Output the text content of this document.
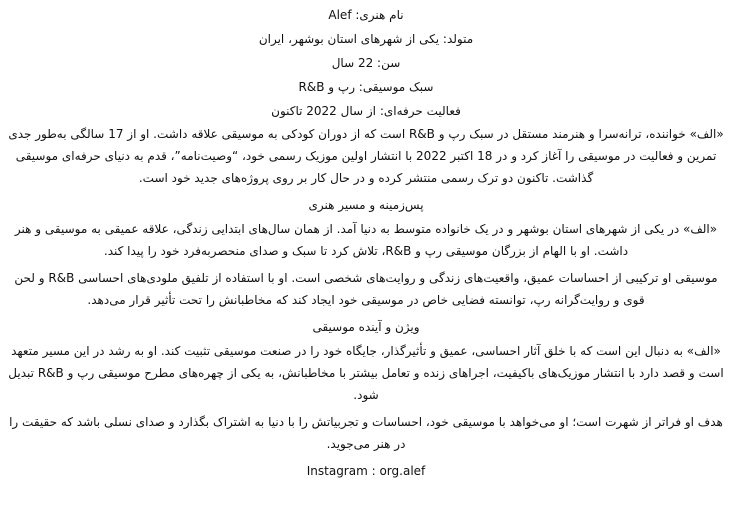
نام هنری: Alef

متولد: یکی از شهرهای استان بوشهر، ایران

سن: 22 سال

سبک موسیقی: رپ و R&B

فعالیت حرفه‌ای: از سال 2022 تاکنون

«الف» خواننده، ترانه‌سرا و هنرمند مستقل در سبک رپ و R&B است که از دوران کودکی به موسیقی علاقه داشت. او از 17 سالگی به‌طور جدی تمرین و فعالیت در موسیقی را آغاز کرد و در 18 اکتبر 2022 با انتشار اولین موزیک رسمی خود، “وصیت‌نامه”، قدم به دنیای حرفه‌ای موسیقی گذاشت. تاکنون دو ترک رسمی منتشر کرده و در حال کار بر روی پروژه‌های جدید خود است.

پس‌زمینه و مسیر هنری

«الف» در یکی از شهرهای استان بوشهر و در یک خانواده متوسط به دنیا آمد. از همان سال‌های ابتدایی زندگی، علاقه عمیقی به موسیقی و هنر داشت. او با الهام از بزرگان موسیقی رپ و R&B، تلاش کرد تا سبک و صدای منحصربه‌فرد خود را پیدا کند.

موسیقی او ترکیبی از احساسات عمیق، واقعیت‌های زندگی و روایت‌های شخصی است. او با استفاده از تلفیق ملودی‌های احساسی R&B و لحن قوی و روایت‌گرانه رپ، توانسته فضایی خاص در موسیقی خود ایجاد کند که مخاطبانش را تحت تأثیر قرار می‌دهد.

ویژن و آینده موسیقی

«الف» به دنبال این است که با خلق آثار احساسی، عمیق و تأثیرگذار، جایگاه خود را در صنعت موسیقی تثبیت کند. او به رشد در این مسیر متعهد است و قصد دارد با انتشار موزیک‌های باکیفیت، اجراهای زنده و تعامل بیشتر با مخاطبانش، به یکی از چهره‌های مطرح موسیقی رپ و R&B تبدیل شود.

هدف او فراتر از شهرت است؛ او می‌خواهد با موسیقی خود، احساسات و تجربیاتش را با دنیا به اشتراک بگذارد و صدای نسلی باشد که حقیقت را در هنر می‌جوید.

Instagram : org.alef
